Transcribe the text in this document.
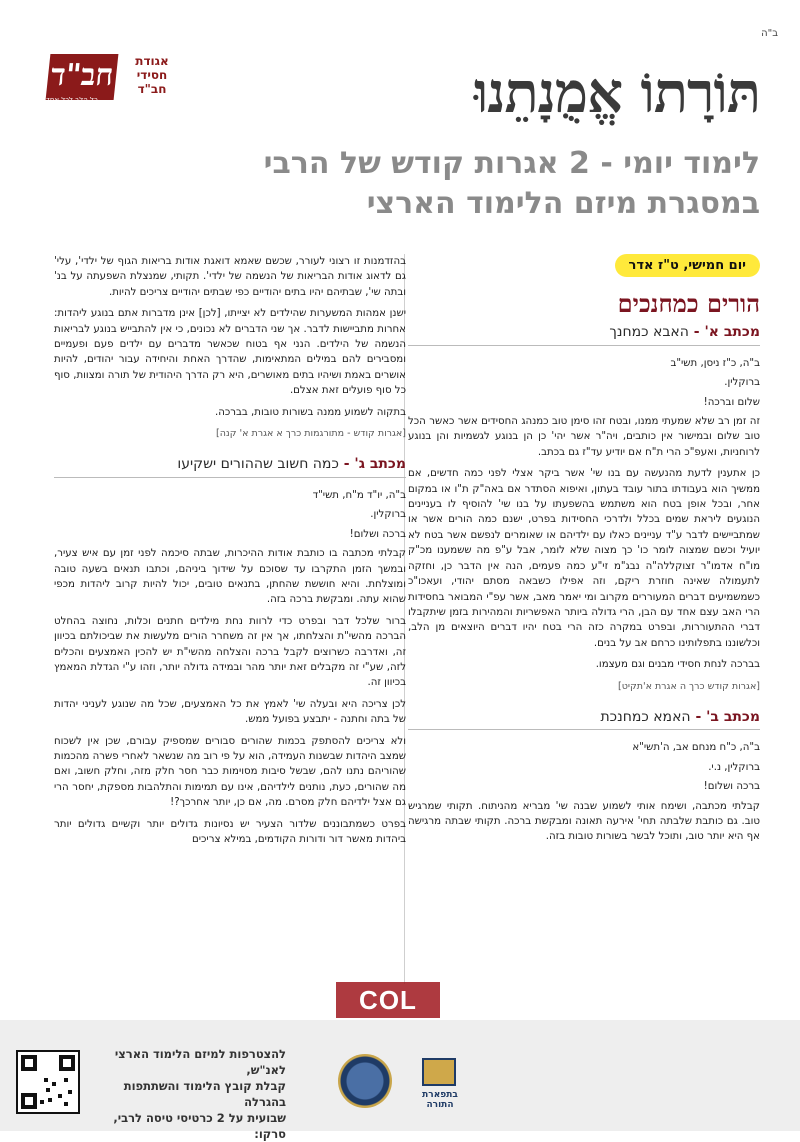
ב"ה
חב"ד	אגודת חסידי חב"ד
כל הלב לכל אחד	תּוֹרָתוֹ אֱמֻנָתֵנוּ
לימוד יומי - 2 אגרות קודש של הרבי
במסגרת מיזם הלימוד הארצי
יום חמישי, ט"ז אדר
הורים כמחנכים
מכתב א' - האבא כמחנך

ב"ה, כ"ז ניסן, תשי"ב

ברוקלין.

שלום וברכה!

זה זמן רב שלא שמעתי ממנו, ובטח זהו סימן טוב כמנהג החסידים אשר כאשר הכל טוב שלום ובמישור אין כותבים, ויה"ר אשר יהי' כן הן בנוגע לגשמיות והן בנוגע לרוחניות, ואעפ"כ הרי ת"ח אם יודיע עד"ז גם בכתב.

כן אתענין לדעת מהנעשה עם בנו שי' אשר ביקר אצלי לפני כמה חדשים, אם ממשיך הוא בעבודתו בתור עובד בעתון, ואיפוא הסתדר אם באה"ק ת"ו או במקום אחר, ובכל אופן בטח הוא משתמש בהשפעתו על בנו שי' להוסיף לו בעניינים הנוגעים ליראת שמים בכלל ולדרכי החסידות בפרט, ישנם כמה הורים אשר או שמתביישים לדבר ע"ד עניינים כאלו עם ילדיהם או שאומרים לנפשם אשר בטח לא יועיל וכשם שמצוה לומר כו' כך מצוה שלא לומר, אבל ע"פ מה ששמענו מכ"ק מו"ח אדמו"ר זצוקללה"ה נבג"מ זי"ע כמה פעמים, הנה אין הדבר כן, וחזקה לתעמולה שאינה חוזרת ריקם, וזה אפילו כשבאה מסתם יהודי, ועאכו"כ כשמשמיעים דברים המעוררים מקרוב ומי יאמר מאב, אשר עפ"י המבואר בחסידות הרי האב עצם אחד עם הבן, הרי גדולה ביותר האפשריות והמהירות בזמן שיתקבלו דברי ההתעוררות, ובפרט במקרה כזה הרי בטח יהיו דברים היוצאים מן הלב, וכלשוננו בתפלותינו כרחם אב על בנים.

בברכה לנחת חסידי מבנים וגם מעצמו.

[אגרות קודש כרך ה אגרת א'תקיט]

מכתב ב' - האמא כמחנכת

ב"ה, כ"ח מנחם אב, ה'תשי"א

ברוקלין, נ.י.

ברכה ושלום!

קבלתי מכתבה, ושימח אותי לשמוע שבנה שי' מבריא מהניתוח. תקותי שמרגיש טוב. גם כותבת שלבתה תחי' אירעה תאונה ומבקשת ברכה. תקותי שבתה מרגישה אף היא יותר טוב, ותוכל לבשר בשורות טובות בזה.

בהזדמנות זו רצוני לעורר, שכשם שאמא דואגת אודות בריאות הגוף של ילדי', עלי' גם לדאוג אודות הבריאות של הנשמה של ילדי'. תקותי, שמנצלת השפעתה על בנ' ובתה שי', שבתיהם יהיו בתים יהודיים כפי שבתים יהודיים צריכים להיות.

ישנן אמהות המשערות שהילדים לא יצייתו, [לכן] אינן מדברות אתם בנוגע ליהדות: אחרות מתביישות לדבר. אך שני הדברים לא נכונים, כי אין להתבייש בנוגע לבריאות הנשמה של הילדים. הנני אף בטוח שכאשר מדברים עם ילדים פעם ופעמיים ומסבירים להם במילים המתאימות, שהדרך האחת והיחידה עבור יהודים, להיות אושרים באמת ושיהיו בתים מאושרים, היא רק הדרך היהודית של תורה ומצוות, סוף כל סוף פועלים זאת אצלם.

בתקוה לשמוע ממנה בשורות טובות, בברכה.

[אגרות קודש - מתורגמות כרך א אגרת א' קנה]

מכתב ג' - כמה חשוב שההורים ישקיעו

ב"ה, יו"ד מ"ח, תשי"ד

ברוקלין.

ברכה ושלום!

קבלתי מכתבה בו כותבת אודות ההיכרות, שבתה סיכמה לפני זמן עם איש צעיר, ובמשך הזמן התקרבו עד שסוכם על שידוך ביניהם, וכתבו תנאים בשעה טובה ומוצלחת. והיא חוששת שהחתן, בתנאים טובים, יכול להיות קרוב ליהדות מכפי שהוא עתה. ומבקשת ברכה בזה.

ברור שלכל דבר ובפרט כדי לרוות נחת מילדים חתנים וכלות, נחוצה בהחלט הברכה מהשי"ת והצלחתו, אך אין זה משחרר הורים מלעשות את שביכולתם בכיוון זה, ואדרבה כשרוצים לקבל ברכה והצלחה מהשי"ת יש להכין האמצעים והכלים לזה, שע"י זה מקבלים זאת יותר מהר ובמידה גדולה יותר, וזהו ע"י הגדלת המאמץ בכיוון זה.

לכן צריכה היא ובעלה שי' לאמץ את כל האמצעים, שכל מה שנוגע לעניני יהדות של בתה וחתנה - יתבצע בפועל ממש.

ולא צריכים להסתפק בכמות שהורים סבורים שמספיק עבורם, שכן אין לשכוח שמצב היהדות שבשנות העמידה, הוא על פי רוב מה שנשאר לאחרי פשרה מהכמות שהוריהם נתנו להם, שבשל סיבות מסוימות כבר חסר חלק מזה, וחלק חשוב, ואם מה שהורים, כעת, נותנים לילדיהם, אינו עם תמימות והתלהבות מספקת, יחסר הרי גם אצל ילדיהם חלק מסרם. מה, אם כן, יותר אחרכך?!

בפרט כשמתבוננים שלדור הצעיר יש נסיונות גדולים יותר וקשיים גדולים יותר ביהדות מאשר דור ודורות הקודמים, במילא צריכים

COL
להצטרפות למיזם הלימוד הארצי לאנ"ש,
קבלת קובץ הלימוד והשתתפות בהגרלה
שבועית על 2 כרטיסי טיסה לרבי, סרקו:
בתפארת התורה
